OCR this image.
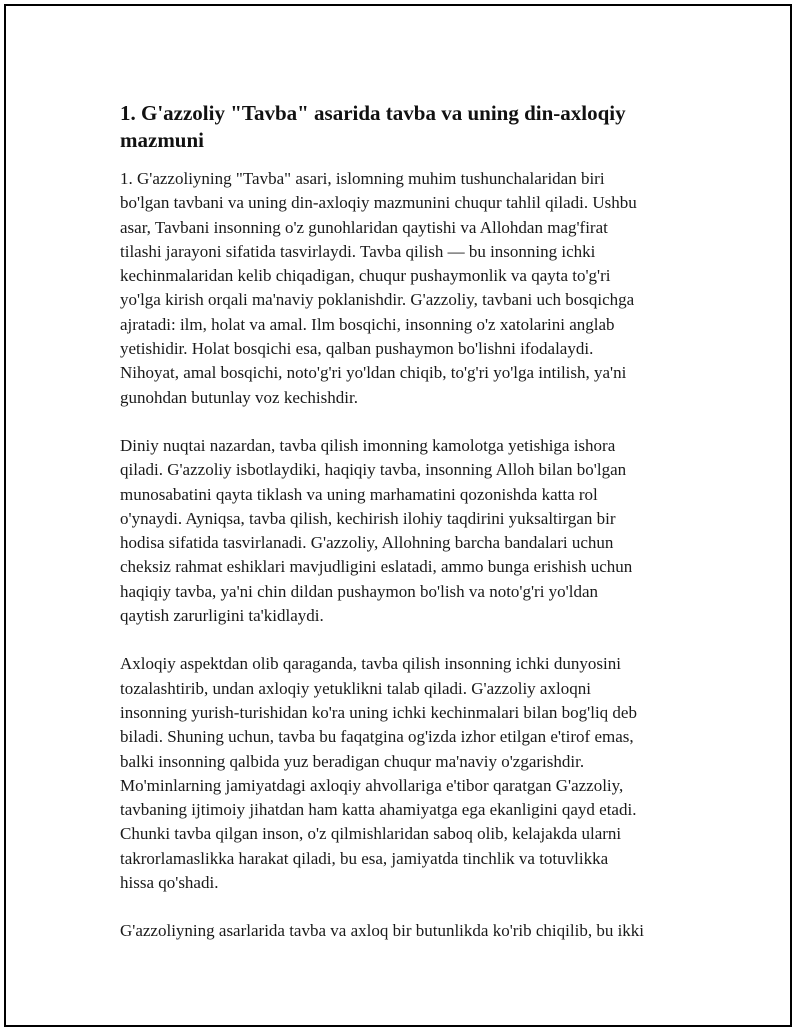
1. G'azzoliy "Tavba" asarida tavba va uning din-axloqiy
mazmuni
1. G'azzoliyning "Tavba" asari, islomning muhim tushunchalaridan biri
bo'lgan tavbani va uning din-axloqiy mazmunini chuqur tahlil qiladi. Ushbu
asar, Tavbani insonning o'z gunohlaridan qaytishi va Allohdan mag'firat
tilashi jarayoni sifatida tasvirlaydi. Tavba qilish — bu insonning ichki
kechinmalaridan kelib chiqadigan, chuqur pushaymonlik va qayta to'g'ri
yo'lga kirish orqali ma'naviy poklanishdir. G'azzoliy, tavbani uch bosqichga
ajratadi: ilm, holat va amal. Ilm bosqichi, insonning o'z xatolarini anglab
yetishidir. Holat bosqichi esa, qalban pushaymon bo'lishni ifodalaydi.
Nihoyat, amal bosqichi, noto'g'ri yo'ldan chiqib, to'g'ri yo'lga intilish, ya'ni
gunohdan butunlay voz kechishdir.
Diniy nuqtai nazardan, tavba qilish imonning kamolotga yetishiga ishora
qiladi. G'azzoliy isbotlaydiki, haqiqiy tavba, insonning Alloh bilan bo'lgan
munosabatini qayta tiklash va uning marhamatini qozonishda katta rol
o'ynaydi. Ayniqsa, tavba qilish, kechirish ilohiy taqdirini yuksaltirgan bir
hodisa sifatida tasvirlanadi. G'azzoliy, Allohning barcha bandalari uchun
cheksiz rahmat eshiklari mavjudligini eslatadi, ammo bunga erishish uchun
haqiqiy tavba, ya'ni chin dildan pushaymon bo'lish va noto'g'ri yo'ldan
qaytish zarurligini ta'kidlaydi.
Axloqiy aspektdan olib qaraganda, tavba qilish insonning ichki dunyosini
tozalashtirib, undan axloqiy yetuklikni talab qiladi. G'azzoliy axloqni
insonning yurish-turishidan ko'ra uning ichki kechinmalari bilan bog'liq deb
biladi. Shuning uchun, tavba bu faqatgina og'izda izhor etilgan e'tirof emas,
balki insonning qalbida yuz beradigan chuqur ma'naviy o'zgarishdir.
Mo'minlarning jamiyatdagi axloqiy ahvollariga e'tibor qaratgan G'azzoliy,
tavbaning ijtimoiy jihatdan ham katta ahamiyatga ega ekanligini qayd etadi.
Chunki tavba qilgan inson, o'z qilmishlaridan saboq olib, kelajakda ularni
takrorlamaslikka harakat qiladi, bu esa, jamiyatda tinchlik va totuvlikka
hissa qo'shadi.
G'azzoliyning asarlarida tavba va axloq bir butunlikda ko'rib chiqilib, bu ikki
